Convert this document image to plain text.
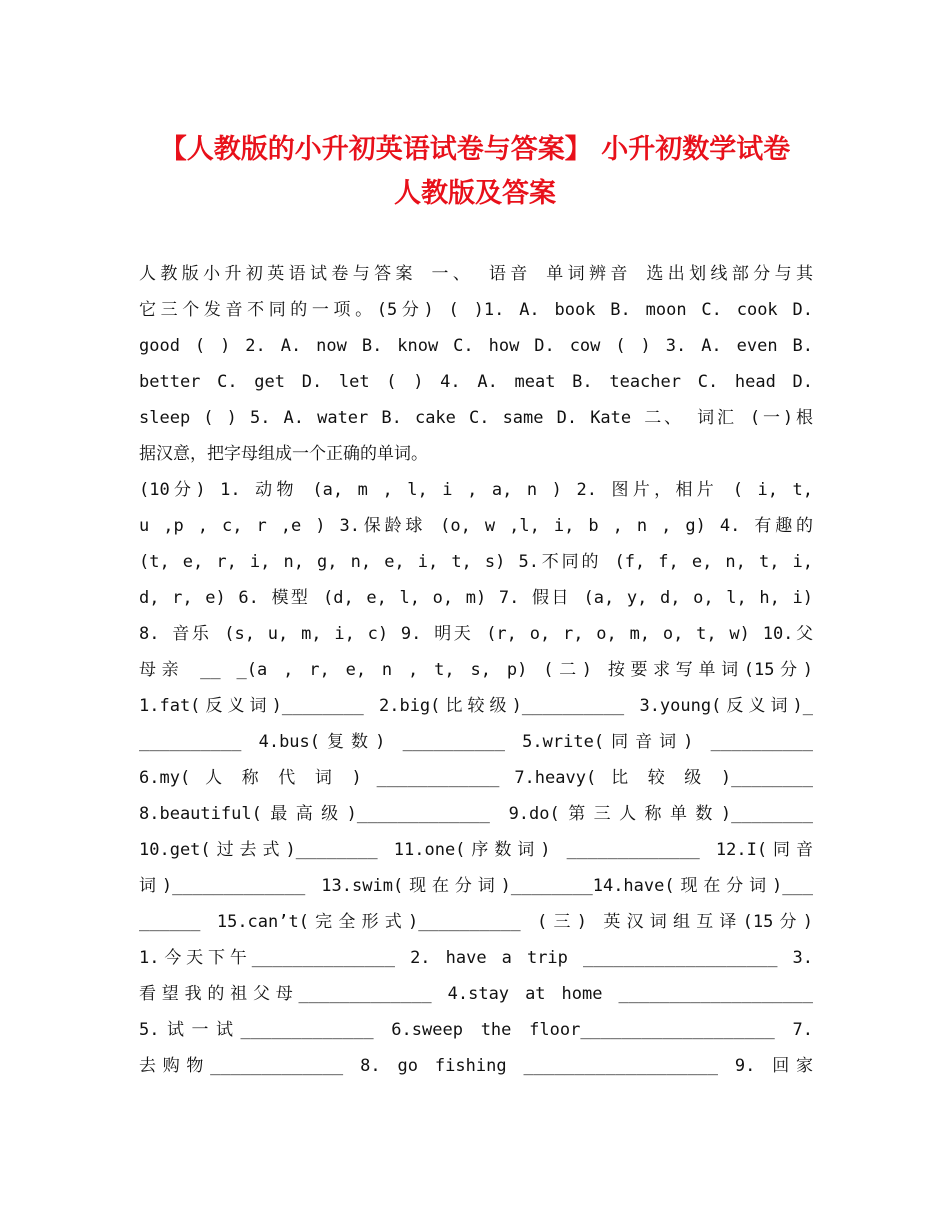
【人教版的小升初英语试卷与答案】 小升初数学试卷
人教版及答案
人教版小升初英语试卷与答案 一、 语音 单词辨音 选出划线部分与其
它三个发音不同的一项。(5分) ( )1. A. book B. moon C. cook D.
good ( ) 2. A. now B. know C. how D. cow ( ) 3. A. even B.
better C. get D. let ( ) 4. A. meat B. teacher C. head D.
sleep ( ) 5. A. water B. cake C. same D. Kate 二、 词汇 (一)根
据汉意，把字母组成一个正确的单词。
(10分) 1. 动物 (a, m , l, i , a, n ) 2. 图片，相片 ( i, t,
u ,p , c, r ,e ) 3.保龄球 (o, w ,l, i, b , n , g) 4. 有趣的
(t, e, r, i, n, g, n, e, i, t, s) 5.不同的 (f, f, e, n, t, i,
d, r, e) 6. 模型 (d, e, l, o, m) 7. 假日 (a, y, d, o, l, h, i)
8. 音乐 (s, u, m, i, c) 9. 明天 (r, o, r, o, m, o, t, w) 10.父
母亲 __ _(a , r, e, n , t, s, p) (二) 按要求写单词(15分)
1.fat(反义词)________ 2.big(比较级)__________ 3.young(反义词)_
__________ 4.bus(复数) __________ 5.write(同音词) __________
6.my( 人 称 代 词 ) ____________ 7.heavy( 比 较 级 )________
8.beautiful(最高级)_____________ 9.do(第三人称单数)________
10.get(过去式)________ 11.one(序数词) _____________ 12.I(同音
词)_____________ 13.swim(现在分词)________14.have(现在分词)___
______ 15.can’t(完全形式)__________ (三) 英汉词组互译(15分)
1.今天下午______________ 2. have a trip ___________________ 3.
看望我的祖父母_____________ 4.stay at home ___________________
5.试一试_____________ 6.sweep the floor___________________ 7.
去购物_____________ 8. go fishing ___________________ 9. 回家
